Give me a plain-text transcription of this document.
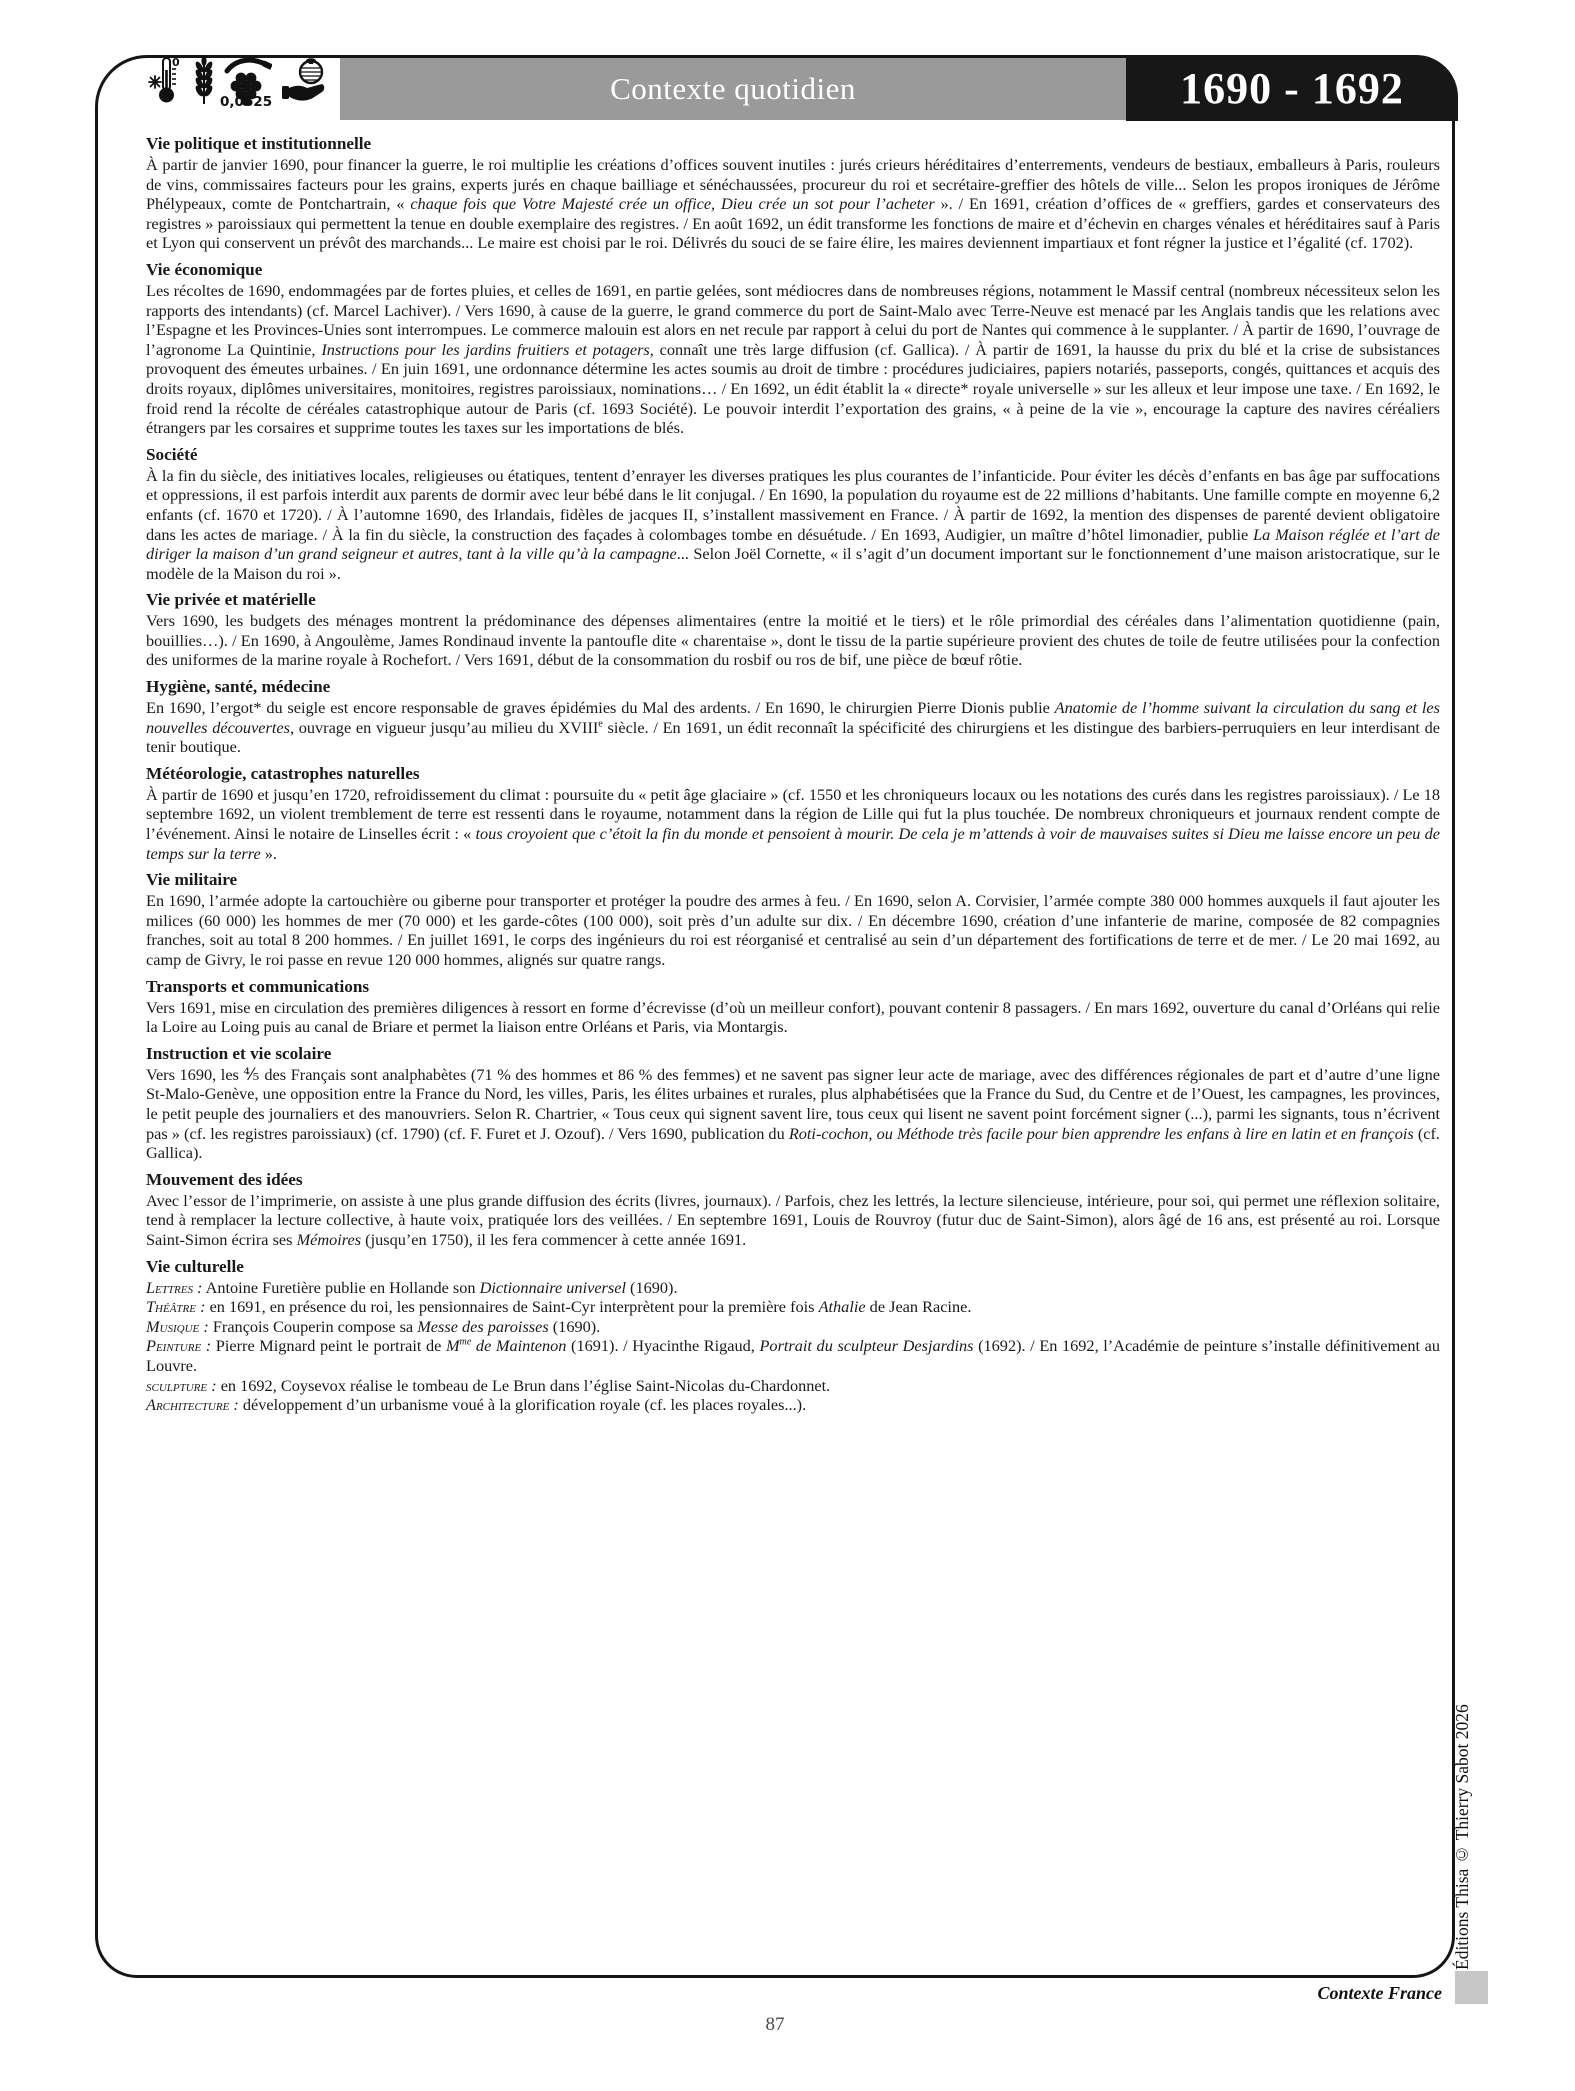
0
0,0625	Contexte quotidien	1690 - 1692
Vie politique et institutionnelle

À partir de janvier 1690, pour financer la guerre, le roi multiplie les créations d’offices souvent inutiles : jurés crieurs héréditaires d’enterrements, vendeurs de bestiaux, emballeurs à Paris, rouleurs de vins, commissaires facteurs pour les grains, experts jurés en chaque bailliage et sénéchaussées, procureur du roi et secrétaire-greffier des hôtels de ville... Selon les propos ironiques de Jérôme Phélypeaux, comte de Pontchartrain, « chaque fois que Votre Majesté crée un office, Dieu crée un sot pour l’acheter ». / En 1691, création d’offices de « greffiers, gardes et conservateurs des registres » paroissiaux qui permettent la tenue en double exemplaire des registres. / En août 1692, un édit transforme les fonctions de maire et d’échevin en charges vénales et héréditaires sauf à Paris et Lyon qui conservent un prévôt des marchands... Le maire est choisi par le roi. Délivrés du souci de se faire élire, les maires deviennent impartiaux et font régner la justice et l’égalité (cf. 1702).

Vie économique

Les récoltes de 1690, endommagées par de fortes pluies, et celles de 1691, en partie gelées, sont médiocres dans de nombreuses régions, notamment le Massif central (nombreux nécessiteux selon les rapports des intendants) (cf. Marcel Lachiver). / Vers 1690, à cause de la guerre, le grand commerce du port de Saint-Malo avec Terre-Neuve est menacé par les Anglais tandis que les relations avec l’Espagne et les Provinces-Unies sont interrompues. Le commerce malouin est alors en net recule par rapport à celui du port de Nantes qui commence à le supplanter. / À partir de 1690, l’ouvrage de l’agronome La Quintinie, Instructions pour les jardins fruitiers et potagers, connaît une très large diffusion (cf. Gallica). / À partir de 1691, la hausse du prix du blé et la crise de subsistances provoquent des émeutes urbaines. / En juin 1691, une ordonnance détermine les actes soumis au droit de timbre : procédures judiciaires, papiers notariés, passeports, congés, quittances et acquis des droits royaux, diplômes universitaires, monitoires, registres paroissiaux, nominations… / En 1692, un édit établit la « directe* royale universelle » sur les alleux et leur impose une taxe. / En 1692, le froid rend la récolte de céréales catastrophique autour de Paris (cf. 1693 Société). Le pouvoir interdit l’exportation des grains, « à peine de la vie », encourage la capture des navires céréaliers étrangers par les corsaires et supprime toutes les taxes sur les importations de blés.

Société

À la fin du siècle, des initiatives locales, religieuses ou étatiques, tentent d’enrayer les diverses pratiques les plus courantes de l’infanticide. Pour éviter les décès d’enfants en bas âge par suffocations et oppressions, il est parfois interdit aux parents de dormir avec leur bébé dans le lit conjugal. / En 1690, la population du royaume est de 22 millions d’habitants. Une famille compte en moyenne 6,2 enfants (cf. 1670 et 1720). / À l’automne 1690, des Irlandais, fidèles de jacques II, s’installent massivement en France. / À partir de 1692, la mention des dispenses de parenté devient obligatoire dans les actes de mariage. / À la fin du siècle, la construction des façades à colombages tombe en désuétude. / En 1693, Audigier, un maître d’hôtel limonadier, publie La Maison réglée et l’art de diriger la maison d’un grand seigneur et autres, tant à la ville qu’à la campagne... Selon Joël Cornette, « il s’agit d’un document important sur le fonctionnement d’une maison aristocratique, sur le modèle de la Maison du roi ».

Vie privée et matérielle

Vers 1690, les budgets des ménages montrent la prédominance des dépenses alimentaires (entre la moitié et le tiers) et le rôle primordial des céréales dans l’alimentation quotidienne (pain, bouillies…). / En 1690, à Angoulème, James Rondinaud invente la pantoufle dite « charentaise », dont le tissu de la partie supérieure provient des chutes de toile de feutre utilisées pour la confection des uniformes de la marine royale à Rochefort. / Vers 1691, début de la consommation du rosbif ou ros de bif, une pièce de bœuf rôtie.

Hygiène, santé, médecine

En 1690, l’ergot* du seigle est encore responsable de graves épidémies du Mal des ardents. / En 1690, le chirurgien Pierre Dionis publie Anatomie de l’homme suivant la circulation du sang et les nouvelles découvertes, ouvrage en vigueur jusqu’au milieu du XVIIIe siècle. / En 1691, un édit reconnaît la spécificité des chirurgiens et les distingue des barbiers-perruquiers en leur interdisant de tenir boutique.

Météorologie, catastrophes naturelles

À partir de 1690 et jusqu’en 1720, refroidissement du climat : poursuite du « petit âge glaciaire » (cf. 1550 et les chroniqueurs locaux ou les notations des curés dans les registres paroissiaux). / Le 18 septembre 1692, un violent tremblement de terre est ressenti dans le royaume, notamment dans la région de Lille qui fut la plus touchée. De nombreux chroniqueurs et journaux rendent compte de l’événement. Ainsi le notaire de Linselles écrit : « tous croyoient que c’étoit la fin du monde et pensoient à mourir. De cela je m’attends à voir de mauvaises suites si Dieu me laisse encore un peu de temps sur la terre ».

Vie militaire

En 1690, l’armée adopte la cartouchière ou giberne pour transporter et protéger la poudre des armes à feu. / En 1690, selon A. Corvisier, l’armée compte 380 000 hommes auxquels il faut ajouter les milices (60 000) les hommes de mer (70 000) et les garde-côtes (100 000), soit près d’un adulte sur dix. / En décembre 1690, création d’une infanterie de marine, composée de 82 compagnies franches, soit au total 8 200 hommes. / En juillet 1691, le corps des ingénieurs du roi est réorganisé et centralisé au sein d’un département des fortifications de terre et de mer. / Le 20 mai 1692, au camp de Givry, le roi passe en revue 120 000 hommes, alignés sur quatre rangs.

Transports et communications

Vers 1691, mise en circulation des premières diligences à ressort en forme d’écrevisse (d’où un meilleur confort), pouvant contenir 8 passagers. / En mars 1692, ouverture du canal d’Orléans qui relie la Loire au Loing puis au canal de Briare et permet la liaison entre Orléans et Paris, via Montargis.

Instruction et vie scolaire

Vers 1690, les ⅘ des Français sont analphabètes (71 % des hommes et 86 % des femmes) et ne savent pas signer leur acte de mariage, avec des différences régionales de part et d’autre d’une ligne St-Malo-Genève, une opposition entre la France du Nord, les villes, Paris, les élites urbaines et rurales, plus alphabétisées que la France du Sud, du Centre et de l’Ouest, les campagnes, les provinces, le petit peuple des journaliers et des manouvriers. Selon R. Chartrier, « Tous ceux qui signent savent lire, tous ceux qui lisent ne savent point forcément signer (...), parmi les signants, tous n’écrivent pas » (cf. les registres paroissiaux) (cf. 1790) (cf. F. Furet et J. Ozouf). / Vers 1690, publication du Roti-cochon, ou Méthode très facile pour bien apprendre les enfans à lire en latin et en françois (cf. Gallica).

Mouvement des idées

Avec l’essor de l’imprimerie, on assiste à une plus grande diffusion des écrits (livres, journaux). / Parfois, chez les lettrés, la lecture silencieuse, intérieure, pour soi, qui permet une réflexion solitaire, tend à remplacer la lecture collective, à haute voix, pratiquée lors des veillées. / En septembre 1691, Louis de Rouvroy (futur duc de Saint-Simon), alors âgé de 16 ans, est présenté au roi. Lorsque Saint-Simon écrira ses Mémoires (jusqu’en 1750), il les fera commencer à cette année 1691.

Vie culturelle

Lettres : Antoine Furetière publie en Hollande son Dictionnaire universel (1690).

Théâtre : en 1691, en présence du roi, les pensionnaires de Saint-Cyr interprètent pour la première fois Athalie de Jean Racine.

Musique : François Couperin compose sa Messe des paroisses (1690).

Peinture : Pierre Mignard peint le portrait de $M^{me}$ de Maintenon (1691). / Hyacinthe Rigaud, Portrait du sculpteur Desjardins (1692). / En 1692, l’Académie de peinture s’installe définitivement au Louvre.

sculpture : en 1692, Coysevox réalise le tombeau de Le Brun dans l’église Saint-Nicolas du-Chardonnet.

Architecture : développement d’un urbanisme voué à la glorification royale (cf. les places royales...).

Éditions Thisa © Thierry Sabot 2026
Contexte France
87
